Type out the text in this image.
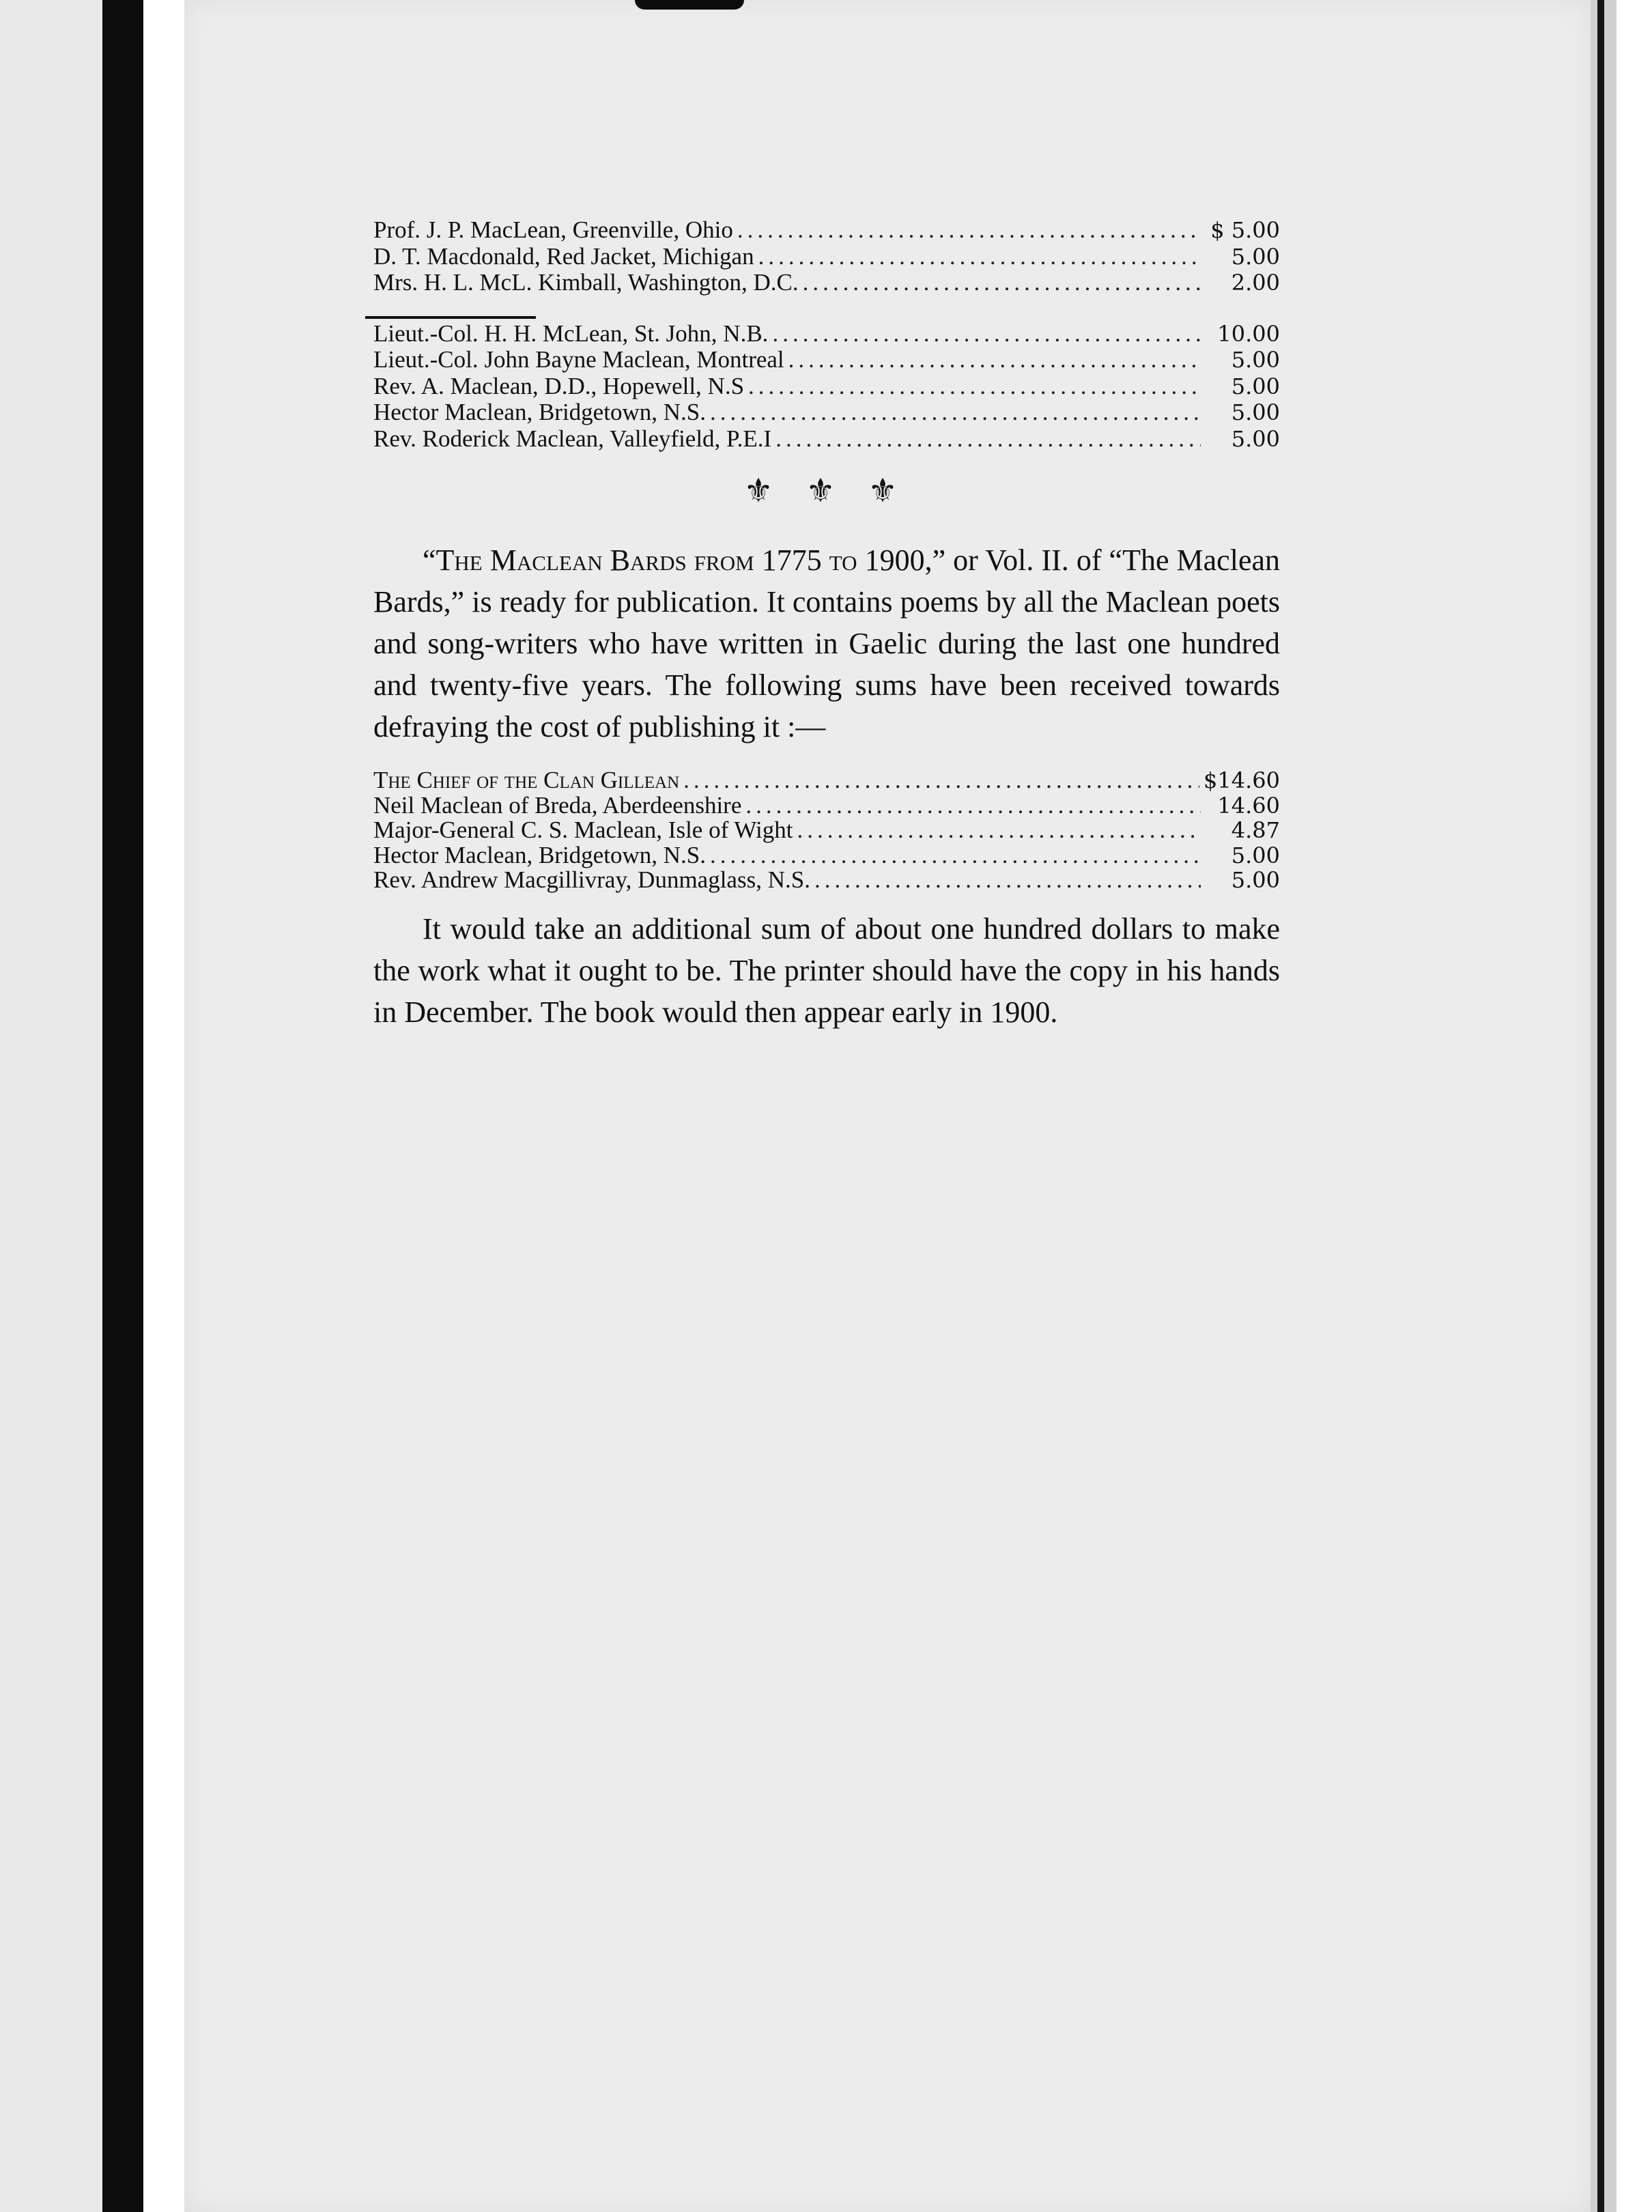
Prof. J. P. MacLean, Greenville, Ohio .....	$ 5.00
D. T. Macdonald, Red Jacket, Michigan .....	5.00
Mrs. H. L. McL. Kimball, Washington, D.C. .....	2.00
Lieut.-Col. H. H. McLean, St. John, N.B. .....	10.00
Lieut.-Col. John Bayne Maclean, Montreal .....	5.00
Rev. A. Maclean, D.D., Hopewell, N.S .....	5.00
Hector Maclean, Bridgetown, N.S. .....	5.00
Rev. Roderick Maclean, Valleyfield, P.E.I .....	5.00
⚜ ⚜ ⚜

“The Maclean Bards from 1775 to 1900,” or Vol. II. of “The Maclean Bards,” is ready for publication. It contains poems by all the Maclean poets and song-writers who have written in Gaelic during the last one hundred and twenty-five years. The following sums have been received towards defraying the cost of publishing it :—

The Chief of the Clan Gillean .....	$14.60
Neil Maclean of Breda, Aberdeenshire .....	14.60
Major-General C. S. Maclean, Isle of Wight .....	4.87
Hector Maclean, Bridgetown, N.S. .....	5.00
Rev. Andrew Macgillivray, Dunmaglass, N.S. .....	5.00

It would take an additional sum of about one hundred dollars to make the work what it ought to be. The printer should have the copy in his hands in December. The book would then appear early in 1900.
